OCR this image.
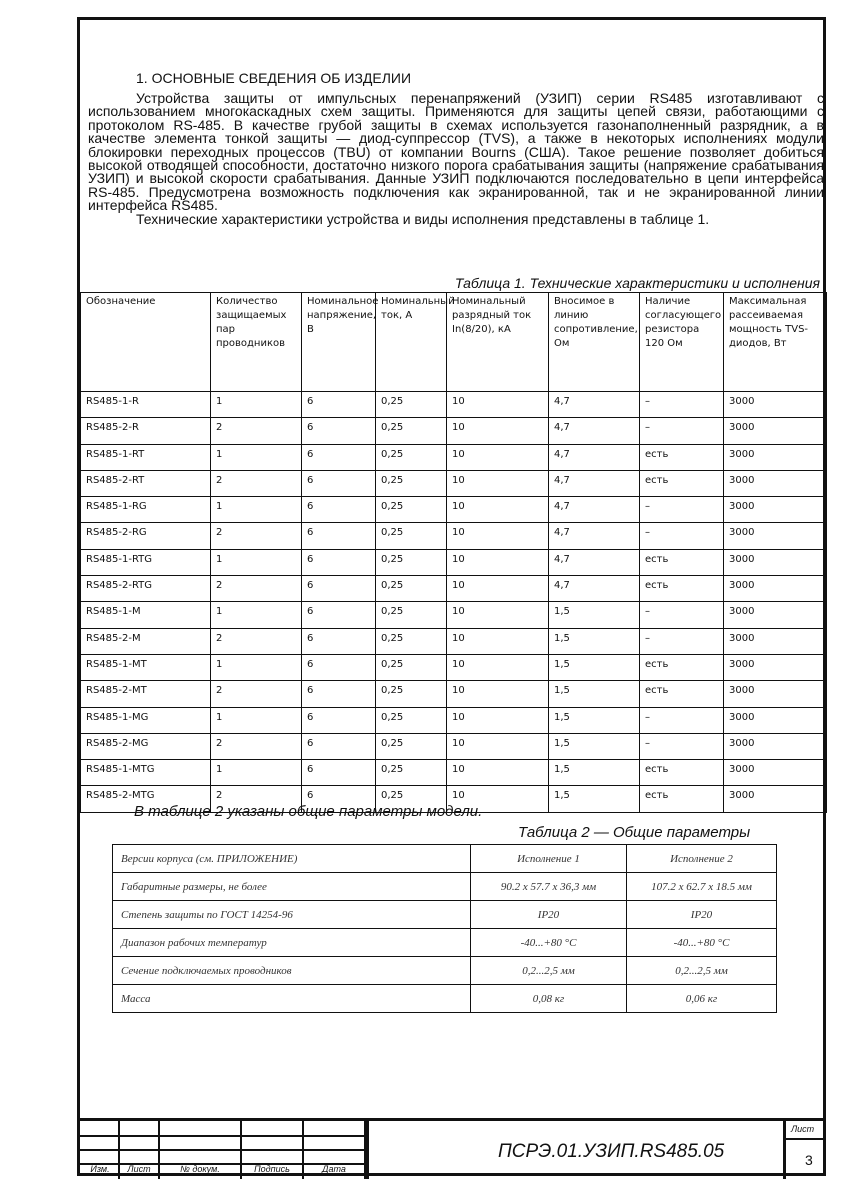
1. ОСНОВНЫЕ СВЕДЕНИЯ ОБ ИЗДЕЛИИ

Устройства защиты от импульсных перенапряжений (УЗИП) серии RS485 изготавливают с использованием многокаскадных схем защиты. Применяются для защиты цепей связи, работающими с протоколом RS-485. В качестве грубой защиты в схемах используется газонаполненный разрядник, а в качестве элемента тонкой защиты — диод-суппрессор (TVS), а также в некоторых исполнениях модули блокировки переходных процессов (TBU) от компании Bourns (США). Такое решение позволяет добиться высокой отводящей способности, достаточно низкого порога срабатывания защиты (напряжение срабатывания УЗИП) и высокой скорости срабатывания. Данные УЗИП подключаются последовательно в цепи интерфейса RS-485. Предусмотрена возможность подключения как экранированной, так и не экранированной линии интерфейса RS485.

Технические характеристики устройства и виды исполнения представлены в таблице 1.

Таблица 1. Технические характеристики и исполнения
Обозначение	Количество защищаемых пар проводников	Номинальное напряжение, В	Номинальный ток, А	Номинальный разрядный ток In(8/20), кА	Вносимое в линию сопротивление, Ом	Наличие согласующего резистора 120 Ом	Максимальная рассеиваемая мощность TVS- диодов, Вт
RS485-1-R	1	6	0,25	10	4,7	–	3000
RS485-2-R	2	6	0,25	10	4,7	–	3000
RS485-1-RT	1	6	0,25	10	4,7	есть	3000
RS485-2-RT	2	6	0,25	10	4,7	есть	3000
RS485-1-RG	1	6	0,25	10	4,7	–	3000
RS485-2-RG	2	6	0,25	10	4,7	–	3000
RS485-1-RTG	1	6	0,25	10	4,7	есть	3000
RS485-2-RTG	2	6	0,25	10	4,7	есть	3000
RS485-1-M	1	6	0,25	10	1,5	–	3000
RS485-2-M	2	6	0,25	10	1,5	–	3000
RS485-1-MT	1	6	0,25	10	1,5	есть	3000
RS485-2-MT	2	6	0,25	10	1,5	есть	3000
RS485-1-MG	1	6	0,25	10	1,5	–	3000
RS485-2-MG	2	6	0,25	10	1,5	–	3000
RS485-1-MTG	1	6	0,25	10	1,5	есть	3000
RS485-2-MTG	2	6	0,25	10	1,5	есть	3000
В таблице 2 указаны общие параметры модели.
Таблица 2 — Общие параметры
Версии корпуса (см. ПРИЛОЖЕНИЕ)	Исполнение 1	Исполнение 2
Габаритные размеры, не более	90.2 x 57.7 x 36,3 мм	107.2 x 62.7 x 18.5 мм
Степень защиты по ГОСТ 14254-96	IP20	IP20
Диапазон рабочих температур	-40...+80 °С	-40...+80 °С
Сечение подключаемых проводников	0,2...2,5 мм	0,2...2,5 мм
Масса	0,08 кг	0,06 кг
Изм.	Лист	№ докум.	Подпись	Дата
ПСРЭ.01.УЗИП.RS485.05
Лист
3
